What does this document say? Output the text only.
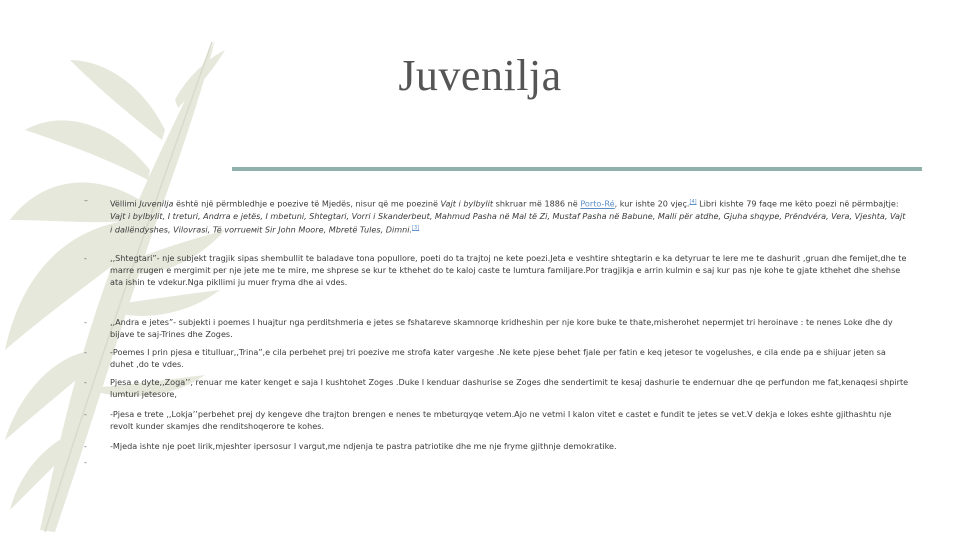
Juvenilja
–	Vëllimi Juvenilja është një përmbledhje e poezive të Mjedës, nisur që me poezinë Vajt i bylbylit shkruar më 1886 në Porto-Ré, kur ishte 20 vjeç.[4] Libri kishte 79 faqe me këto poezi në përmbajtje: Vajt i bylbylit, I treturi, Andrra e jetës, I mbetuni, Shtegtari, Vorri i Skanderbeut, Mahmud Pasha në Mal të Zi, Mustaf Pasha në Babune, Malli për atdhe, Gjuha shqype, Prëndvéra, Vera, Vjeshta, Vajt i dallëndyshes, Vilovrasi, Të vorrueмit Sir John Moore, Mbretë Tules, Dimni.[3]
-	,,Shtegtari”- nje subjekt tragjik sipas shembullit te baladave tona popullore, poeti do ta trajtoj ne kete poezi.Jeta e veshtire shtegtarin e ka detyruar te lere me te dashurit ,gruan dhe femijet,dhe te marre rrugen e mergimit per nje jete me te mire, me shpresе se kur te kthehet do te kaloj caste te lumtura familjare.Por tragjikja e arrin kulmin e saj kur pas nje kohe te gjate kthehet dhe shehse ata ishin te vdekur.Nga pikllimi ju muer fryma dhe ai vdes.
-	,,Andra e jetes”- subjekti i poemes I huajtur nga perditshmeria e jetes se fshatareve skamnorqe kridheshin per nje kore buke te thate,misherohet nepermjet tri heroinave : te nenes Loke dhe dy bijave te saj-Trines dhe Zoges.
-	-Poemes I prin pjesa e titulluar,,Trina”,e cila perbehet prej tri poezive me strofa kater vargeshe .Ne kete pjese behet fjale per fatin e keq jetesor te vogelushes, e cila ende pa e shijuar jeten sa duhet ,do te vdes.
-	Pjesa e dyte,,Zoga’’, renuar me kater kenget e saja I kushtohet Zoges .Duke I kenduar dashurise se Zoges dhe sendertimit te kesaj dashurie te endernuar dhe qe perfundon me fat,kenaqesi shpirte lumturi jetesore,
-	-Pjesa e trete ,,Lokja’’perbehet prej dy kengeve dhe trajton brengen e nenes te mbeturqyqe vetem.Ajo ne vetmi I kalon vitet e castet e fundit te jetes se vet.V dekja e lokes eshte gjithashtu nje revolt kunder skamjes dhe renditshoqerore te kohes.
-	-Mjeda ishte nje poet lirik,mjeshter ipersosur I vargut,me ndjenja te pastra patriotike dhe me nje fryme gjithnje demokratike.
-
